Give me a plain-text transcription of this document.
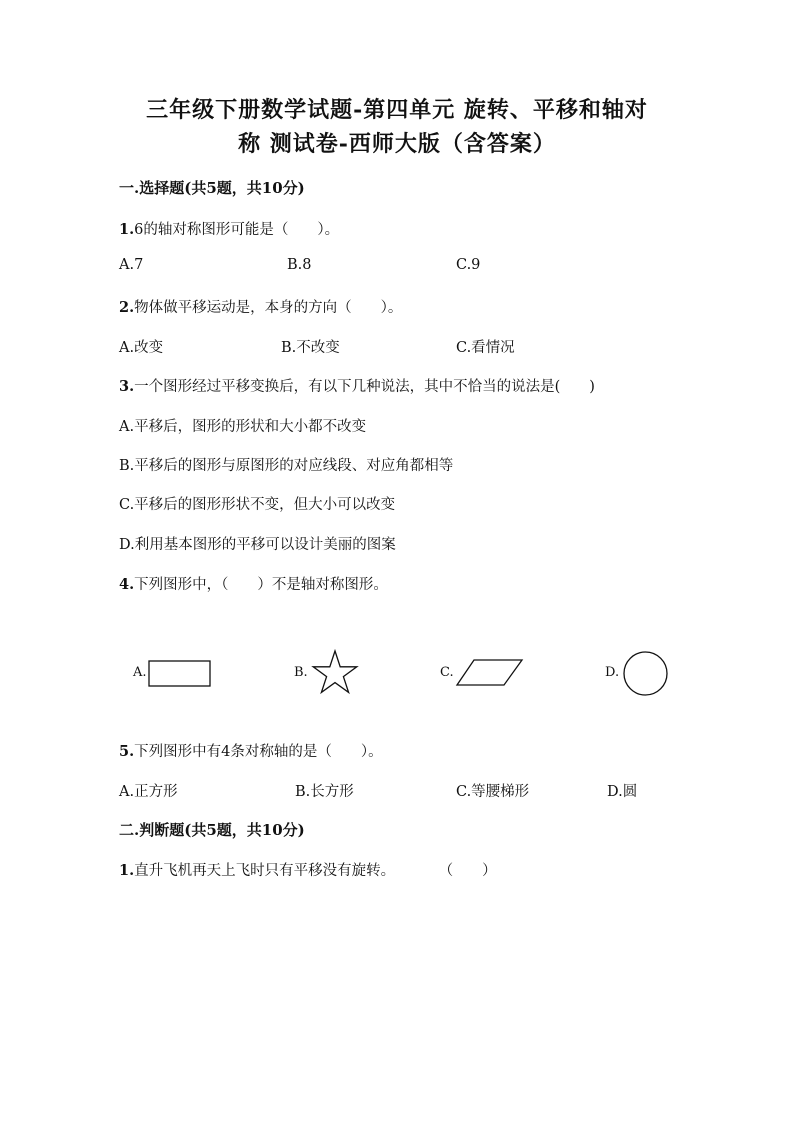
三年级下册数学试题-第四单元 旋转、平移和轴对
称 测试卷-西师大版（含答案）
一.选择题(共5题，共10分)
1.6的轴对称图形可能是（　　）。
A.7	B.8	C.9
2.物体做平移运动是，本身的方向（　　）。
A.改变	B.不改变	C.看情况
3.一个图形经过平移变换后，有以下几种说法，其中不恰当的说法是(　　)
A.平移后，图形的形状和大小都不改变
B.平移后的图形与原图形的对应线段、对应角都相等
C.平移后的图形形状不变，但大小可以改变
D.利用基本图形的平移可以设计美丽的图案
4.下列图形中，（　　）不是轴对称图形。
A.	B.	C.	D.
5.下列图形中有4条对称轴的是（　　）。
A.正方形	B.长方形	C.等腰梯形	D.圆
二.判断题(共5题，共10分)
1.直升飞机再天上飞时只有平移没有旋转。　　　　（　　）
